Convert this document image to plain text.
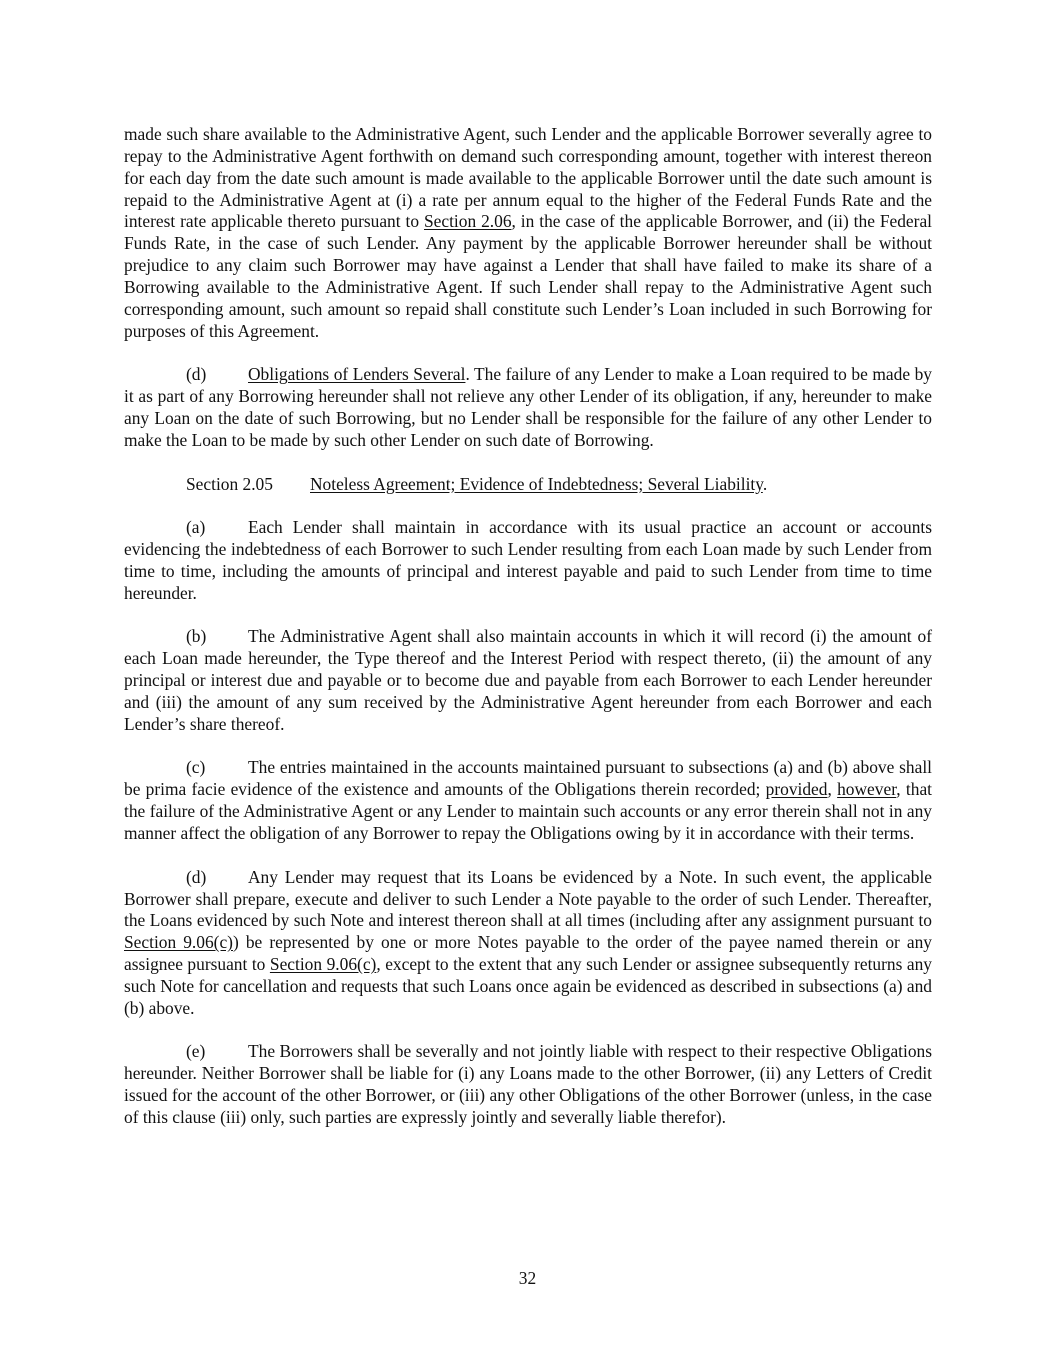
made such share available to the Administrative Agent, such Lender and the applicable Borrower severally agree to repay to the Administrative Agent forthwith on demand such corresponding amount, together with interest thereon for each day from the date such amount is made available to the applicable Borrower until the date such amount is repaid to the Administrative Agent at (i) a rate per annum equal to the higher of the Federal Funds Rate and the interest rate applicable thereto pursuant to Section 2.06, in the case of the applicable Borrower, and (ii) the Federal Funds Rate, in the case of such Lender. Any payment by the applicable Borrower hereunder shall be without prejudice to any claim such Borrower may have against a Lender that shall have failed to make its share of a Borrowing available to the Administrative Agent. If such Lender shall repay to the Administrative Agent such corresponding amount, such amount so repaid shall constitute such Lender’s Loan included in such Borrowing for purposes of this Agreement.

(d) Obligations of Lenders Several. The failure of any Lender to make a Loan required to be made by it as part of any Borrowing hereunder shall not relieve any other Lender of its obligation, if any, hereunder to make any Loan on the date of such Borrowing, but no Lender shall be responsible for the failure of any other Lender to make the Loan to be made by such other Lender on such date of Borrowing.

Section 2.05 Noteless Agreement; Evidence of Indebtedness; Several Liability.

(a) Each Lender shall maintain in accordance with its usual practice an account or accounts evidencing the indebtedness of each Borrower to such Lender resulting from each Loan made by such Lender from time to time, including the amounts of principal and interest payable and paid to such Lender from time to time hereunder.

(b) The Administrative Agent shall also maintain accounts in which it will record (i) the amount of each Loan made hereunder, the Type thereof and the Interest Period with respect thereto, (ii) the amount of any principal or interest due and payable or to become due and payable from each Borrower to each Lender hereunder and (iii) the amount of any sum received by the Administrative Agent hereunder from each Borrower and each Lender’s share thereof.

(c) The entries maintained in the accounts maintained pursuant to subsections (a) and (b) above shall be prima facie evidence of the existence and amounts of the Obligations therein recorded; provided, however, that the failure of the Administrative Agent or any Lender to maintain such accounts or any error therein shall not in any manner affect the obligation of any Borrower to repay the Obligations owing by it in accordance with their terms.

(d) Any Lender may request that its Loans be evidenced by a Note. In such event, the applicable Borrower shall prepare, execute and deliver to such Lender a Note payable to the order of such Lender. Thereafter, the Loans evidenced by such Note and interest thereon shall at all times (including after any assignment pursuant to Section 9.06(c)) be represented by one or more Notes payable to the order of the payee named therein or any assignee pursuant to Section 9.06(c), except to the extent that any such Lender or assignee subsequently returns any such Note for cancellation and requests that such Loans once again be evidenced as described in subsections (a) and (b) above.

(e) The Borrowers shall be severally and not jointly liable with respect to their respective Obligations hereunder. Neither Borrower shall be liable for (i) any Loans made to the other Borrower, (ii) any Letters of Credit issued for the account of the other Borrower, or (iii) any other Obligations of the other Borrower (unless, in the case of this clause (iii) only, such parties are expressly jointly and severally liable therefor).

32
